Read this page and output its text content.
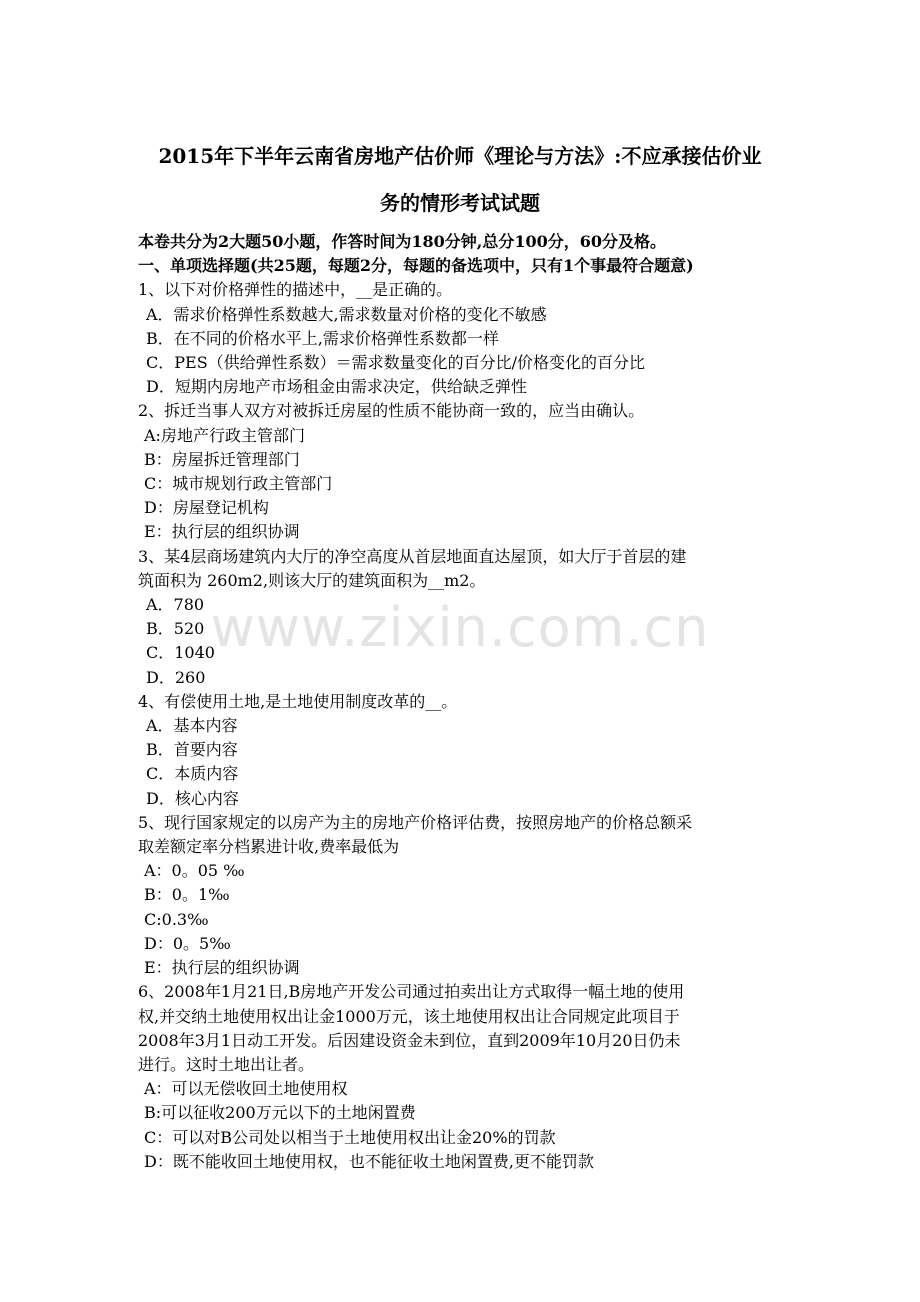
2015年下半年云南省房地产估价师《理论与方法》:不应承接估价业
务的情形考试试题
本卷共分为2大题50小题，作答时间为180分钟,总分100分，60分及格。
一、单项选择题(共25题，每题2分，每题的备选项中，只有1个事最符合题意)
1、以下对价格弹性的描述中，__是正确的。
A．需求价格弹性系数越大,需求数量对价格的变化不敏感
B．在不同的价格水平上,需求价格弹性系数都一样
C．PES（供给弹性系数）＝需求数量变化的百分比/价格变化的百分比
D．短期内房地产市场租金由需求决定，供给缺乏弹性
2、拆迁当事人双方对被拆迁房屋的性质不能协商一致的，应当由确认。
A:房地产行政主管部门
B：房屋拆迁管理部门
C：城市规划行政主管部门
D：房屋登记机构
E：执行层的组织协调
3、某4层商场建筑内大厅的净空高度从首层地面直达屋顶，如大厅于首层的建
筑面积为 260m2,则该大厅的建筑面积为__m2。
A．780
B．520
C．1040
D．260
4、有偿使用土地,是土地使用制度改革的__。
A．基本内容
B．首要内容
C．本质内容
D．核心内容
5、现行国家规定的以房产为主的房地产价格评估费，按照房地产的价格总额采
取差额定率分档累进计收,费率最低为
A：0。05 ‰
B：0。1‰
C:0.3‰
D：0。5‰
E：执行层的组织协调
6、2008年1月21日,B房地产开发公司通过拍卖出让方式取得一幅土地的使用
权,并交纳土地使用权出让金1000万元，该土地使用权出让合同规定此项目于
2008年3月1日动工开发。后因建设资金未到位，直到2009年10月20日仍未
进行。这时土地出让者。
A：可以无偿收回土地使用权
B:可以征收200万元以下的土地闲置费
C：可以对B公司处以相当于土地使用权出让金20%的罚款
D：既不能收回土地使用权，也不能征收土地闲置费,更不能罚款
www.zixin.com.cn
